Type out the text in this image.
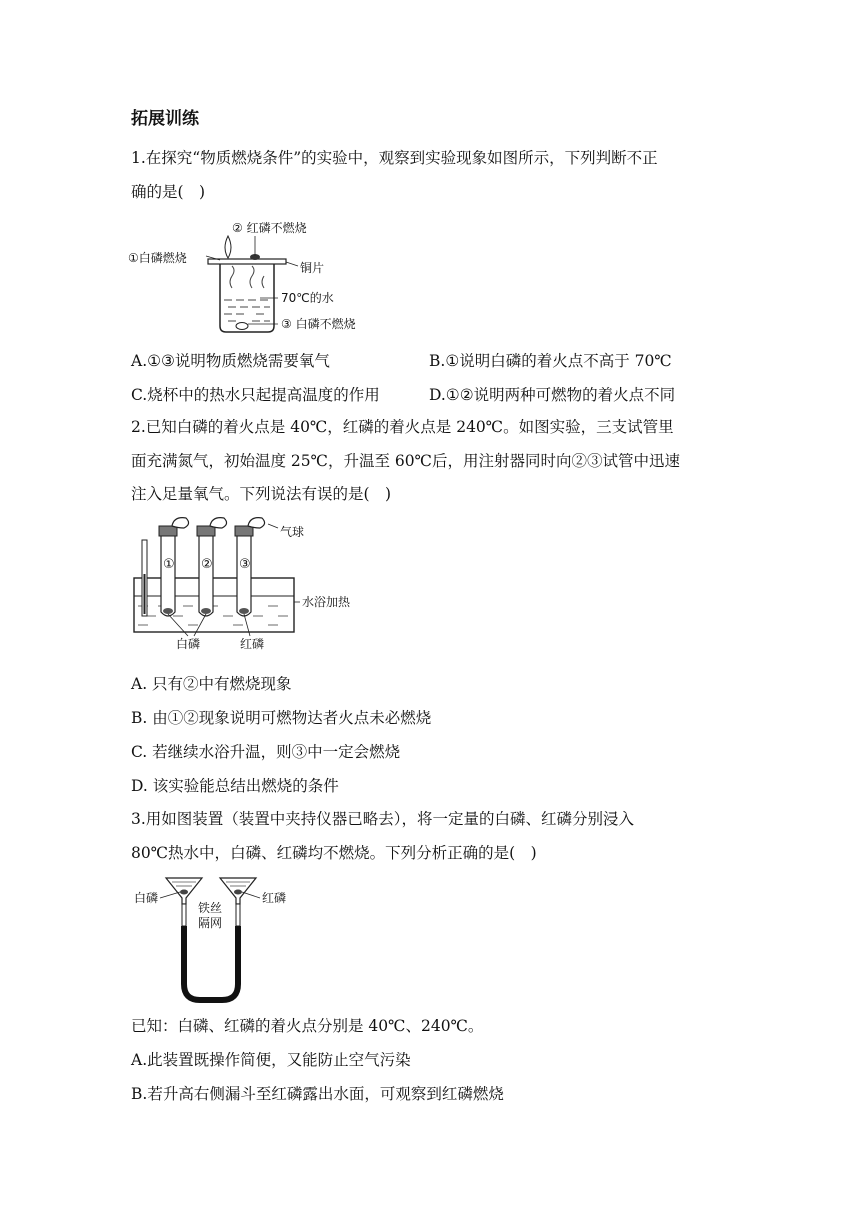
拓展训练
1.在探究“物质燃烧条件”的实验中，观察到实验现象如图所示，下列判断不正
确的是(　)
② 红磷不燃烧
①白磷燃烧
铜片
70℃的水
③ 白磷不燃烧
A.①③说明物质燃烧需要氧气	B.①说明白磷的着火点不高于 70℃
C.烧杯中的热水只起提高温度的作用	D.①②说明两种可燃物的着火点不同
2.已知白磷的着火点是 40℃，红磷的着火点是 240℃。如图实验，三支试管里
面充满氮气，初始温度 25℃，升温至 60℃后，用注射器同时向②③试管中迅速
注入足量氧气。下列说法有误的是(　)
① ② ③
气球
水浴加热
白磷	红磷
A. 只有②中有燃烧现象
B. 由①②现象说明可燃物达者火点未必燃烧
C. 若继续水浴升温，则③中一定会燃烧
D. 该实验能总结出燃烧的条件
3.用如图装置（装置中夹持仪器已略去），将一定量的白磷、红磷分别浸入
80℃热水中，白磷、红磷均不燃烧。下列分析正确的是(　)
白磷	红磷
铁丝
隔网
已知：白磷、红磷的着火点分别是 40℃、240℃。
A.此装置既操作简便，又能防止空气污染
B.若升高右侧漏斗至红磷露出水面，可观察到红磷燃烧
